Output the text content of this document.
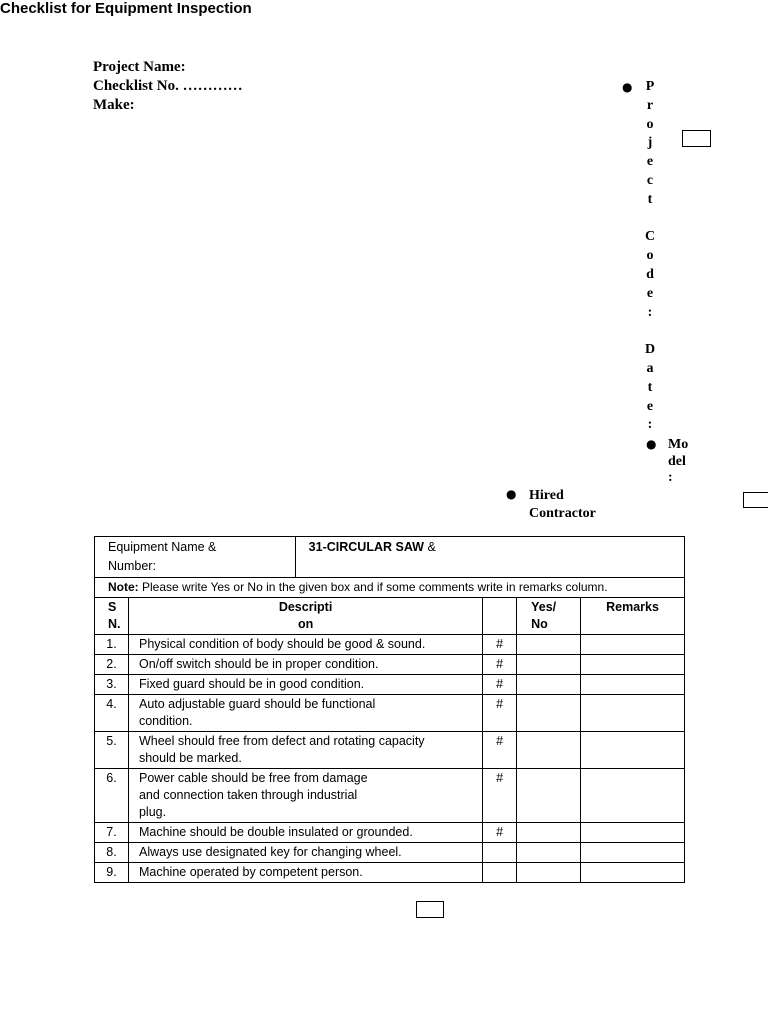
Checklist for Equipment Inspection
Project Name:
Checklist No. …………
Make:
● P
r
o
j
e
c
t
C
o
d
e
:
D
a
t
e
:
● Mo
del
:
● Hired
Contractor
Equipment Name &
Number:		31-CIRCULAR SAW &			
Note: Please write Yes or No in the given box and if some comments write in remarks column.					
S
N.	Descripti
on			Yes/
No	Remarks
1.	Physical condition of body should be good & sound.		#		
2.	On/off switch should be in proper condition.		#		
3.	Fixed guard should be in good condition.		#		
4.	Auto adjustable guard should be functional
condition.		#		
5.	Wheel should free from defect and rotating capacity
should be marked.		#		
6.	Power cable should be free from damage
and connection taken through industrial
plug.		#		
7.	Machine should be double insulated or grounded.		#		
8.	Always use designated key for changing wheel.				
9.	Machine operated by competent person.				
